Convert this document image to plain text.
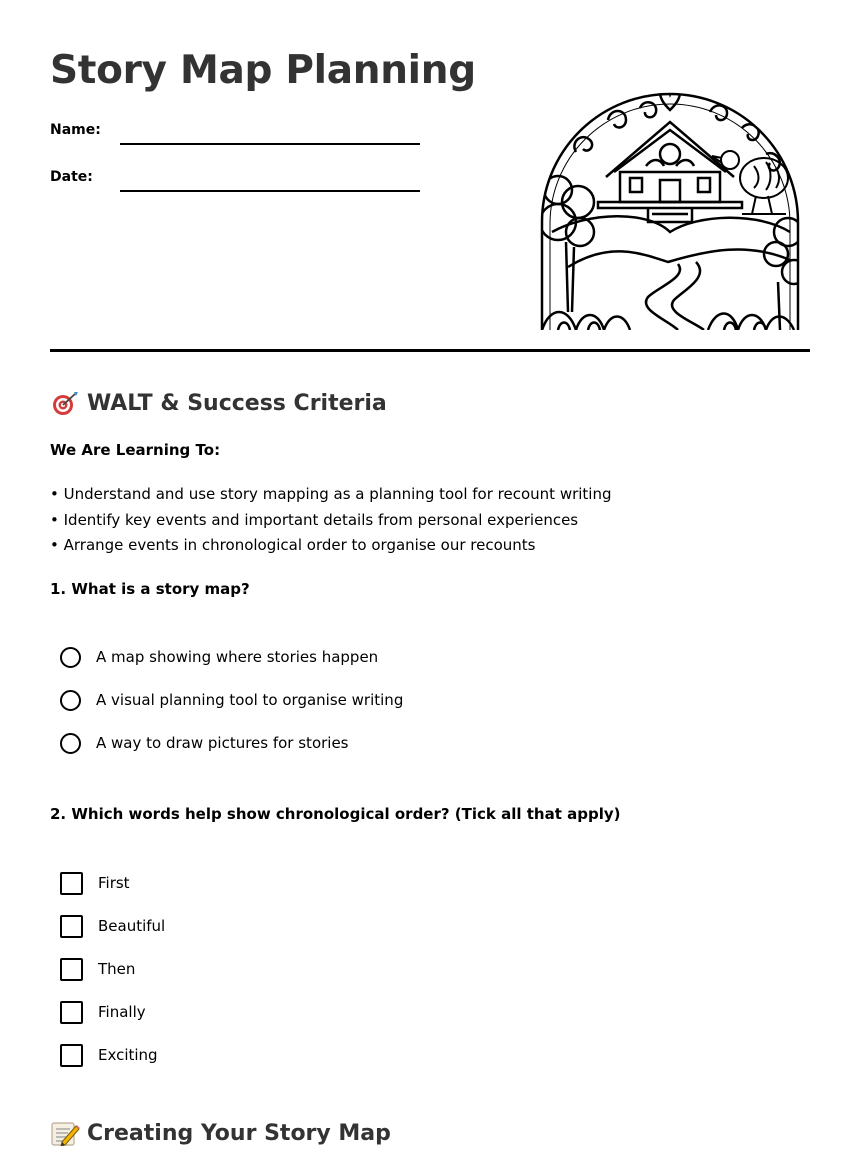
Story Map Planning
Name:
Date:
WALT & Success Criteria
We Are Learning To:
• Understand and use story mapping as a planning tool for recount writing
• Identify key events and important details from personal experiences
• Arrange events in chronological order to organise our recounts
1. What is a story map?
A map showing where stories happen
A visual planning tool to organise writing
A way to draw pictures for stories
2. Which words help show chronological order? (Tick all that apply)
First
Beautiful
Then
Finally
Exciting
Creating Your Story Map
